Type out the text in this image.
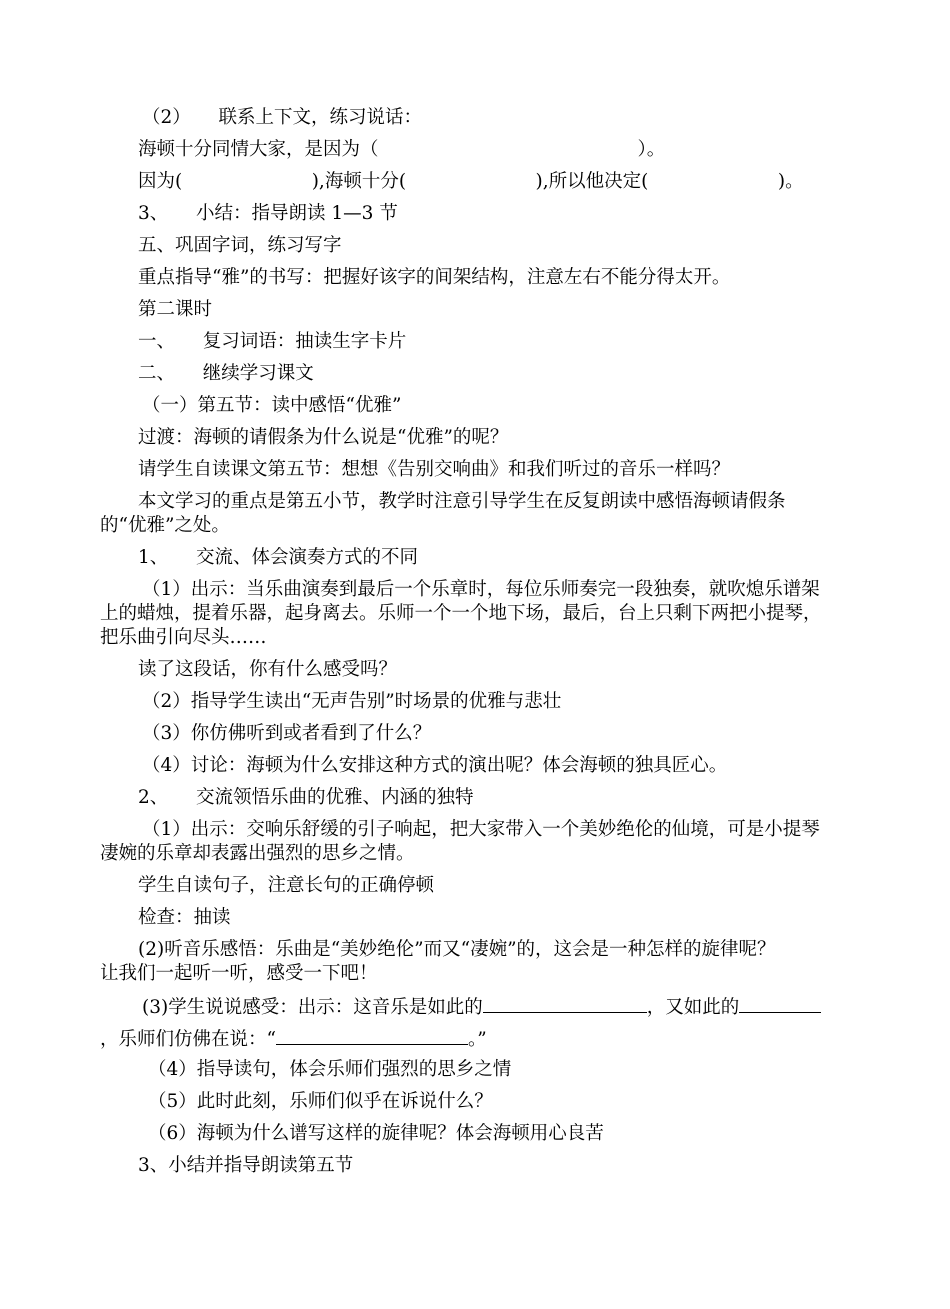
（2）　　联系上下文，练习说话：

海顿十分同情大家，是因为（　　　　　　　　　　　　　　）。

因为(　　　　　　　),海顿十分(　　　　　　　),所以他决定(　　　　　　　)。

3、　　小结：指导朗读 1—3 节

五、巩固字词，练习写字

重点指导“雅”的书写：把握好该字的间架结构，注意左右不能分得太开。

第二课时

一、　　复习词语：抽读生字卡片

二、　　继续学习课文

（一）第五节：读中感悟“优雅”

过渡：海顿的请假条为什么说是“优雅”的呢？

请学生自读课文第五节：想想《告别交响曲》和我们听过的音乐一样吗？

本文学习的重点是第五小节，教学时注意引导学生在反复朗读中感悟海顿请假条

的“优雅”之处。

1、　　交流、体会演奏方式的不同

（1）出示：当乐曲演奏到最后一个乐章时，每位乐师奏完一段独奏，就吹熄乐谱架

上的蜡烛，提着乐器，起身离去。乐师一个一个地下场，最后，台上只剩下两把小提琴，

把乐曲引向尽头……

读了这段话，你有什么感受吗？

（2）指导学生读出“无声告别”时场景的优雅与悲壮

（3）你仿佛听到或者看到了什么？

（4）讨论：海顿为什么安排这种方式的演出呢？体会海顿的独具匠心。

2、　　交流领悟乐曲的优雅、内涵的独特

（1）出示：交响乐舒缓的引子响起，把大家带入一个美妙绝伦的仙境，可是小提琴

凄婉的乐章却表露出强烈的思乡之情。

学生自读句子，注意长句的正确停顿

检查：抽读

(2)听音乐感悟：乐曲是“美妙绝伦”而又“凄婉”的，这会是一种怎样的旋律呢？

让我们一起听一听，感受一下吧！

(3)学生说说感受：出示：这音乐是如此的	，又如此的

，乐师们仿佛在说：“	。”

（4）指导读句，体会乐师们强烈的思乡之情

（5）此时此刻，乐师们似乎在诉说什么？

（6）海顿为什么谱写这样的旋律呢？体会海顿用心良苦

3、小结并指导朗读第五节
